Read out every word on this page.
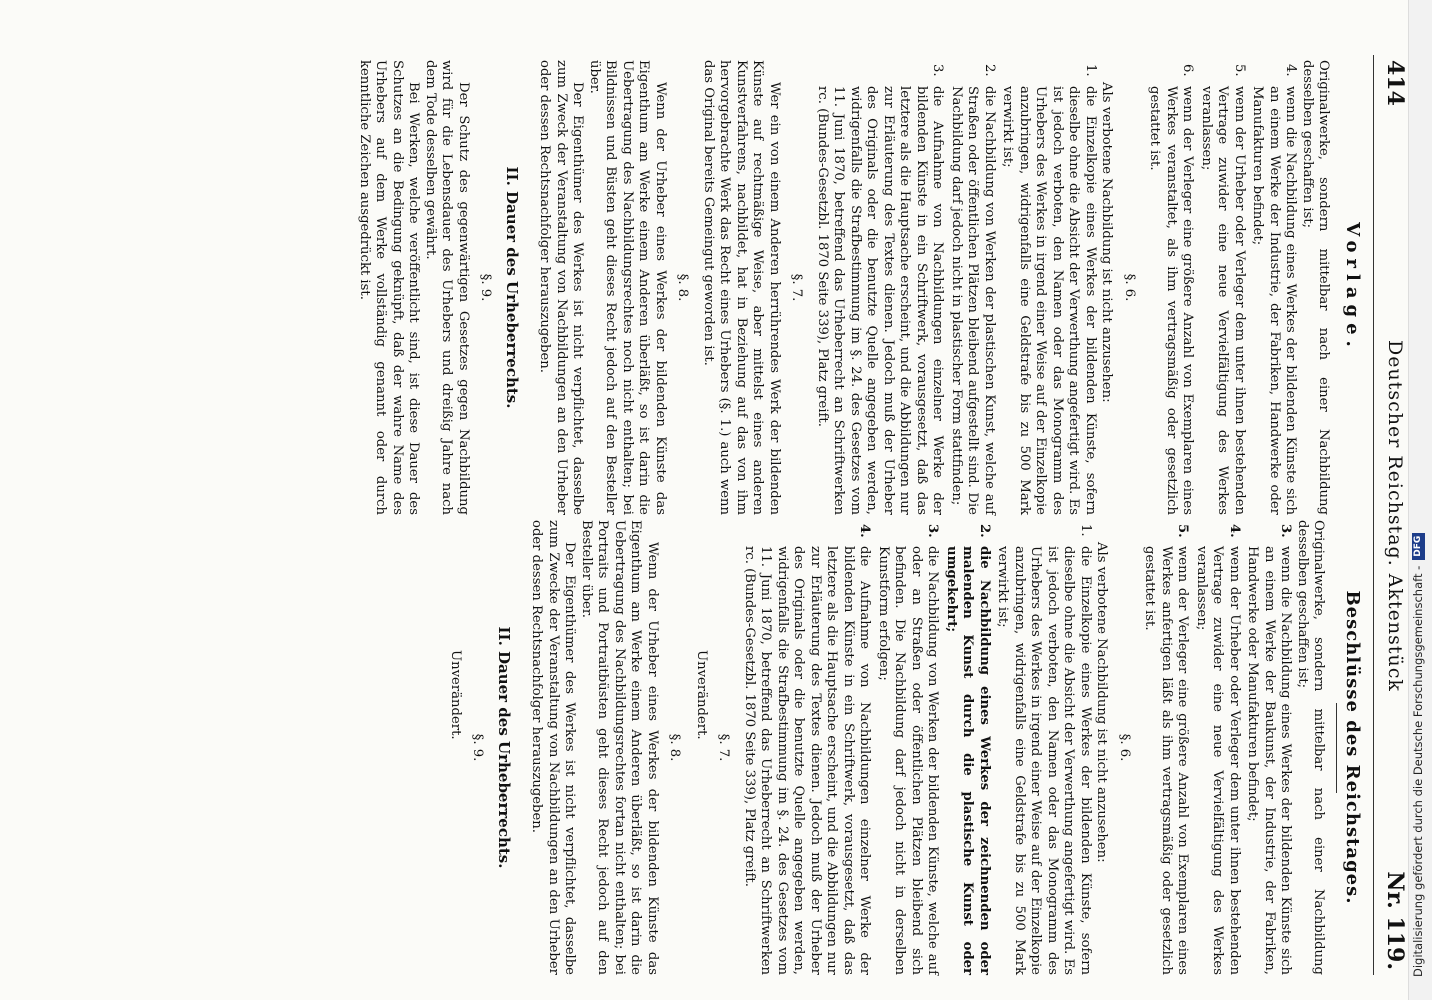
414
Deutscher Reichstag. Aktenstück
Nr. 119.
Vorlage.

Originalwerke, sondern mittelbar nach einer Nachbildung desselben geschaffen ist;

4.
wenn die Nachbildung eines Werkes der bildenden Künste sich an einem Werke der Industrie, der Fabriken, Handwerke oder Manufakturen befindet;
5.
wenn der Urheber oder Verleger dem unter ihnen bestehenden Vertrage zuwider eine neue Vervielfältigung des Werkes veranlassen;
6.
wenn der Verleger eine größere Anzahl von Exemplaren eines Werkes veranstaltet, als ihm vertragsmäßig oder gesetzlich gestattet ist.
§. 6.

Als verbotene Nachbildung ist nicht anzusehen:

1.
die Einzelkopie eines Werkes der bildenden Künste, sofern dieselbe ohne die Absicht der Verwerthung angefertigt wird. Es ist jedoch verboten, den Namen oder das Monogramm des Urhebers des Werkes in irgend einer Weise auf der Einzelkopie anzubringen, widrigenfalls eine Geldstrafe bis zu 500 Mark verwirkt ist;
2.
die Nachbildung von Werken der plastischen Kunst, welche auf Straßen oder öffentlichen Plätzen bleibend aufgestellt sind. Die Nachbildung darf jedoch nicht in plastischer Form stattfinden;
3.
die Aufnahme von Nachbildungen einzelner Werke der bildenden Künste in ein Schriftwerk, vorausgesetzt, daß das letztere als die Hauptsache erscheint, und die Abbildungen nur zur Erläuterung des Textes dienen. Jedoch muß der Urheber des Originals oder die benutzte Quelle angegeben werden, widrigenfalls die Strafbestimmung im §. 24. des Gesetzes vom 11. Juni 1870, betreffend das Urheberrecht an Schriftwerken rc. (Bundes-Gesetzbl. 1870 Seite 339), Platz greift.
§. 7.

Wer ein von einem Anderen herrührendes Werk der bildenden Künste auf rechtmäßige Weise, aber mittelst eines anderen Kunstverfahrens, nachbildet, hat in Beziehung auf das von ihm hervorgebrachte Werk das Recht eines Urhebers (§. 1.) auch wenn das Original bereits Gemeingut geworden ist.

§. 8.

Wenn der Urheber eines Werkes der bildenden Künste das Eigenthum am Werke einem Anderen überläßt, so ist darin die Uebertragung des Nachbildungsrechtes noch nicht enthalten; bei Bildnissen und Büsten geht dieses Recht jedoch auf den Besteller über.

Der Eigenthümer des Werkes ist nicht verpflichtet, dasselbe zum Zweck der Veranstaltung von Nachbildungen an den Urheber oder dessen Rechtsnachfolger herauszugeben.

II. Dauer des Urheberrechts.
§. 9.

Der Schutz des gegenwärtigen Gesetzes gegen Nachbildung wird für die Lebensdauer des Urhebers und dreißig Jahre nach dem Tode desselben gewährt.

Bei Werken, welche veröffentlicht sind, ist diese Dauer des Schutzes an die Bedingung geknüpft, daß der wahre Name des Urhebers auf dem Werke vollständig genannt oder durch kenntliche Zeichen ausgedrückt ist.

Beschlüsse des Reichstages.

Originalwerke, sondern mittelbar nach einer Nachbildung desselben geschaffen ist;

3.
wenn die Nachbildung eines Werkes der bildenden Künste sich an einem Werke der Baukunst, der Industrie, der Fabriken, Handwerke oder Manufakturen befindet;
4.
wenn der Urheber oder Verleger dem unter ihnen bestehenden Vertrage zuwider eine neue Vervielfältigung des Werkes veranlassen;
5.
wenn der Verleger eine größere Anzahl von Exemplaren eines Werkes anfertigen läßt als ihm vertragsmäßig oder gesetzlich gestattet ist.
§. 6.

Als verbotene Nachbildung ist nicht anzusehen:

1.
die Einzelkopie eines Werkes der bildenden Künste, sofern dieselbe ohne die Absicht der Verwerthung angefertigt wird. Es ist jedoch verboten, den Namen oder das Monogramm des Urhebers des Werkes in irgend einer Weise auf der Einzelkopie anzubringen, widrigenfalls eine Geldstrafe bis zu 500 Mark verwirkt ist;
2.
die Nachbildung eines Werkes der zeichnenden oder malenden Kunst durch die plastische Kunst oder umgekehrt;
3.
die Nachbildung von Werken der bildenden Künste, welche auf oder an Straßen oder öffentlichen Plätzen bleibend sich befinden. Die Nachbildung darf jedoch nicht in derselben Kunstform erfolgen;
4.
die Aufnahme von Nachbildungen einzelner Werke der bildenden Künste in ein Schriftwerk, vorausgesetzt, daß das letztere als die Hauptsache erscheint, und die Abbildungen nur zur Erläuterung des Textes dienen. Jedoch muß der Urheber des Originals oder die benutzte Quelle angegeben werden, widrigenfalls die Strafbestimmung im §. 24. des Gesetzes vom 11. Juni 1870, betreffend das Urheberrecht an Schriftwerken rc. (Bundes-Gesetzbl. 1870 Seite 339), Platz greift.
§. 7.

Unverändert.

§. 8.

Wenn der Urheber eines Werkes der bildenden Künste das Eigenthum am Werke einem Anderen überläßt, so ist darin die Uebertragung des Nachbildungsrechtes fortan nicht enthalten; bei Portraits und Portraitbüsten geht dieses Recht jedoch auf den Besteller über.

Der Eigenthümer des Werkes ist nicht verpflichtet, dasselbe zum Zwecke der Veranstaltung von Nachbildungen an den Urheber oder dessen Rechtsnachfolger herauszugeben.

II. Dauer des Urheberrechts.
§. 9.

Unverändert.	Digitalisierung gefördert durch die Deutsche Forschungsgemeinschaft -DFG
